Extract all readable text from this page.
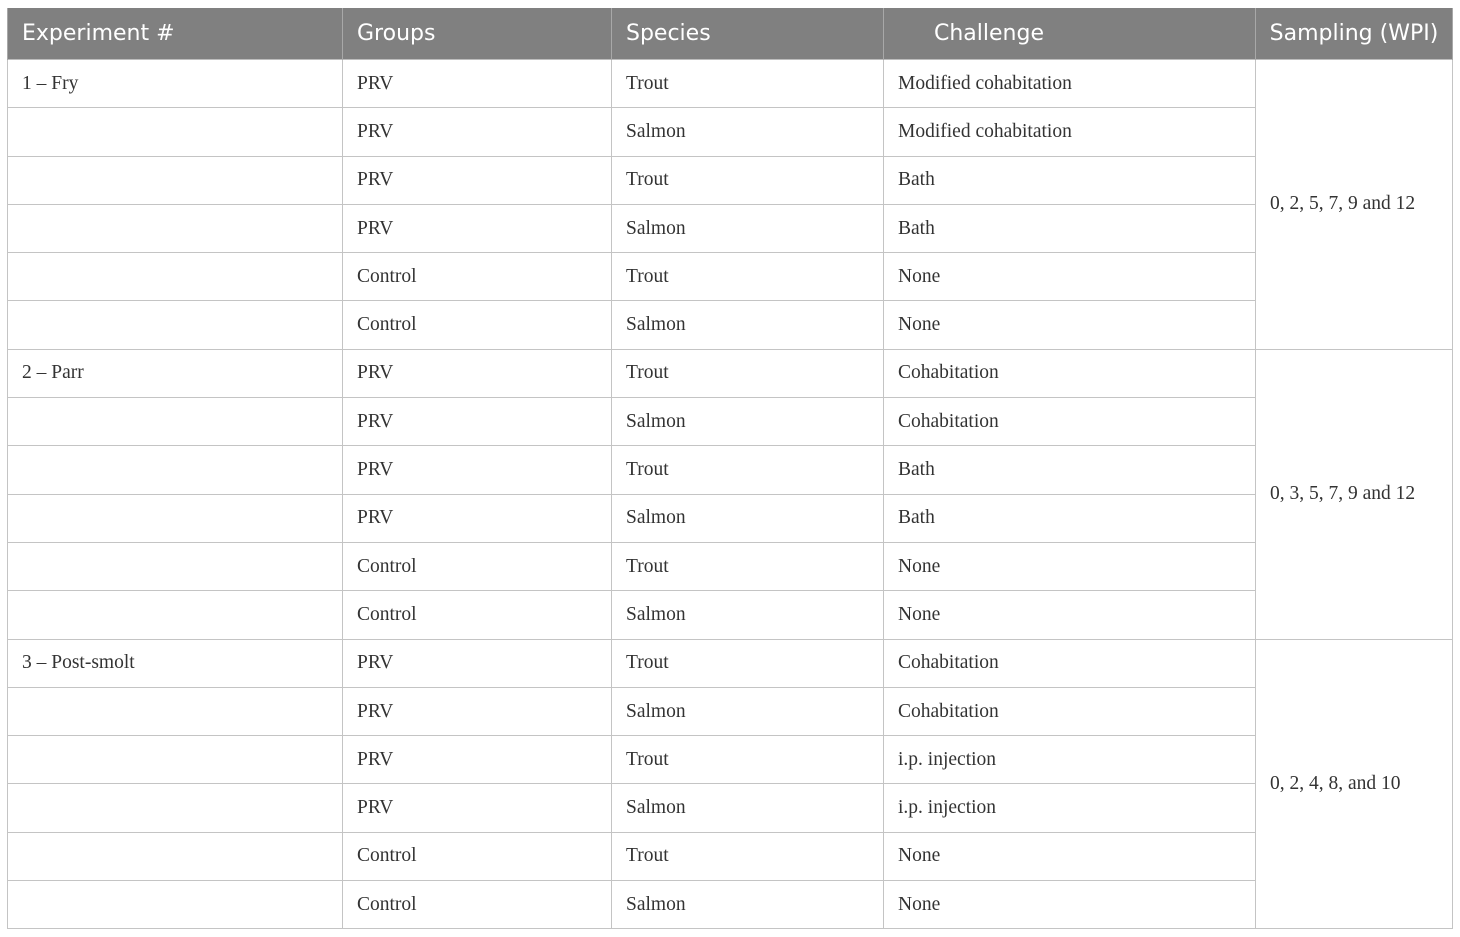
Experiment #	Groups	Species	Challenge	Sampling (WPI)
1 – Fry	PRV	Trout	Modified cohabitation	0, 2, 5, 7, 9 and 12
	PRV	Salmon	Modified cohabitation	
	PRV	Trout	Bath	
	PRV	Salmon	Bath	
	Control	Trout	None	
	Control	Salmon	None	
2 – Parr	PRV	Trout	Cohabitation	0, 3, 5, 7, 9 and 12
	PRV	Salmon	Cohabitation	
	PRV	Trout	Bath	
	PRV	Salmon	Bath	
	Control	Trout	None	
	Control	Salmon	None	
3 – Post-smolt	PRV	Trout	Cohabitation	0, 2, 4, 8, and 10
	PRV	Salmon	Cohabitation	
	PRV	Trout	i.p. injection	
	PRV	Salmon	i.p. injection	
	Control	Trout	None	
	Control	Salmon	None	
